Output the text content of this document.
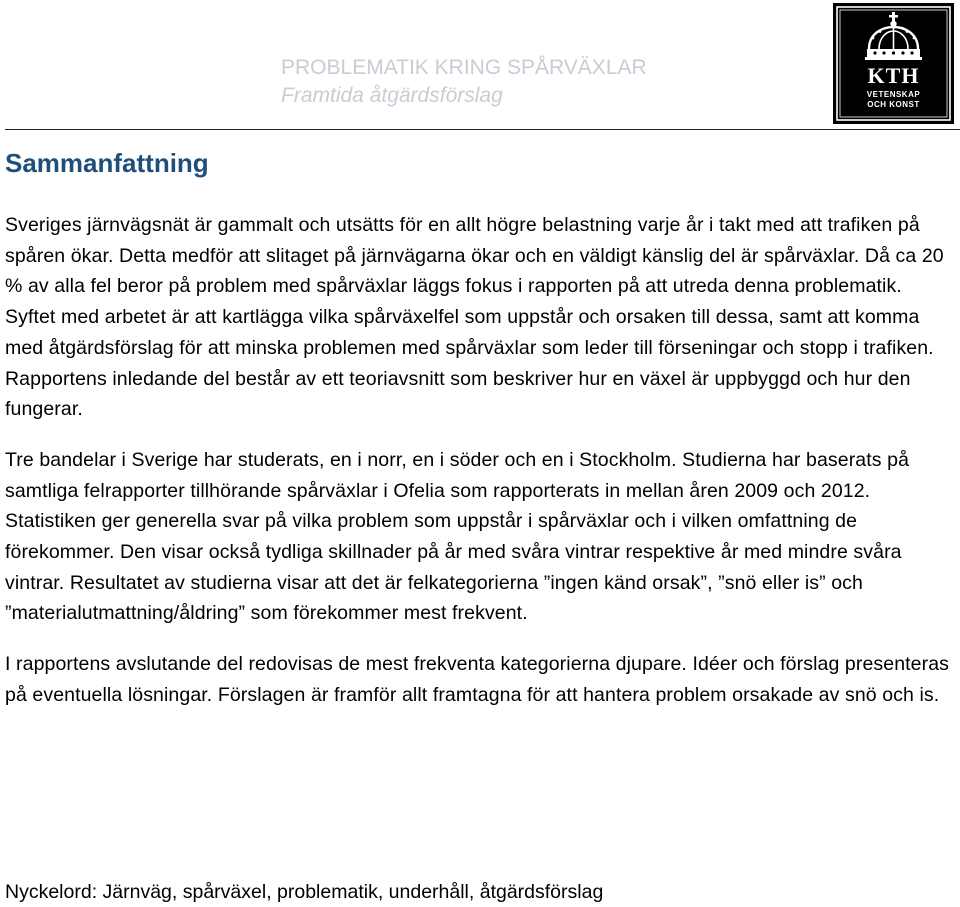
PROBLEMATIK KRING SPÅRVÄXLAR
Framtida åtgärdsförslag
KTH
VETENSKAP
OCH KONST
Sammanfattning

Sveriges järnvägsnät är gammalt och utsätts för en allt högre belastning varje år i takt med att trafiken på spåren ökar. Detta medför att slitaget på järnvägarna ökar och en väldigt känslig del är spårväxlar. Då ca 20 % av alla fel beror på problem med spårväxlar läggs fokus i rapporten på att utreda denna problematik. Syftet med arbetet är att kartlägga vilka spårväxelfel som uppstår och orsaken till dessa, samt att komma med åtgärdsförslag för att minska problemen med spårväxlar som leder till förseningar och stopp i trafiken. Rapportens inledande del består av ett teoriavsnitt som beskriver hur en växel är uppbyggd och hur den fungerar.

Tre bandelar i Sverige har studerats, en i norr, en i söder och en i Stockholm. Studierna har baserats på samtliga felrapporter tillhörande spårväxlar i Ofelia som rapporterats in mellan åren 2009 och 2012. Statistiken ger generella svar på vilka problem som uppstår i spårväxlar och i vilken omfattning de förekommer. Den visar också tydliga skillnader på år med svåra vintrar respektive år med mindre svåra vintrar. Resultatet av studierna visar att det är felkategorierna ”ingen känd orsak”, ”snö eller is” och ”materialutmattning/åldring” som förekommer mest frekvent.

I rapportens avslutande del redovisas de mest frekventa kategorierna djupare. Idéer och förslag presenteras på eventuella lösningar. Förslagen är framför allt framtagna för att hantera problem orsakade av snö och is.

Nyckelord: Järnväg, spårväxel, problematik, underhåll, åtgärdsförslag
